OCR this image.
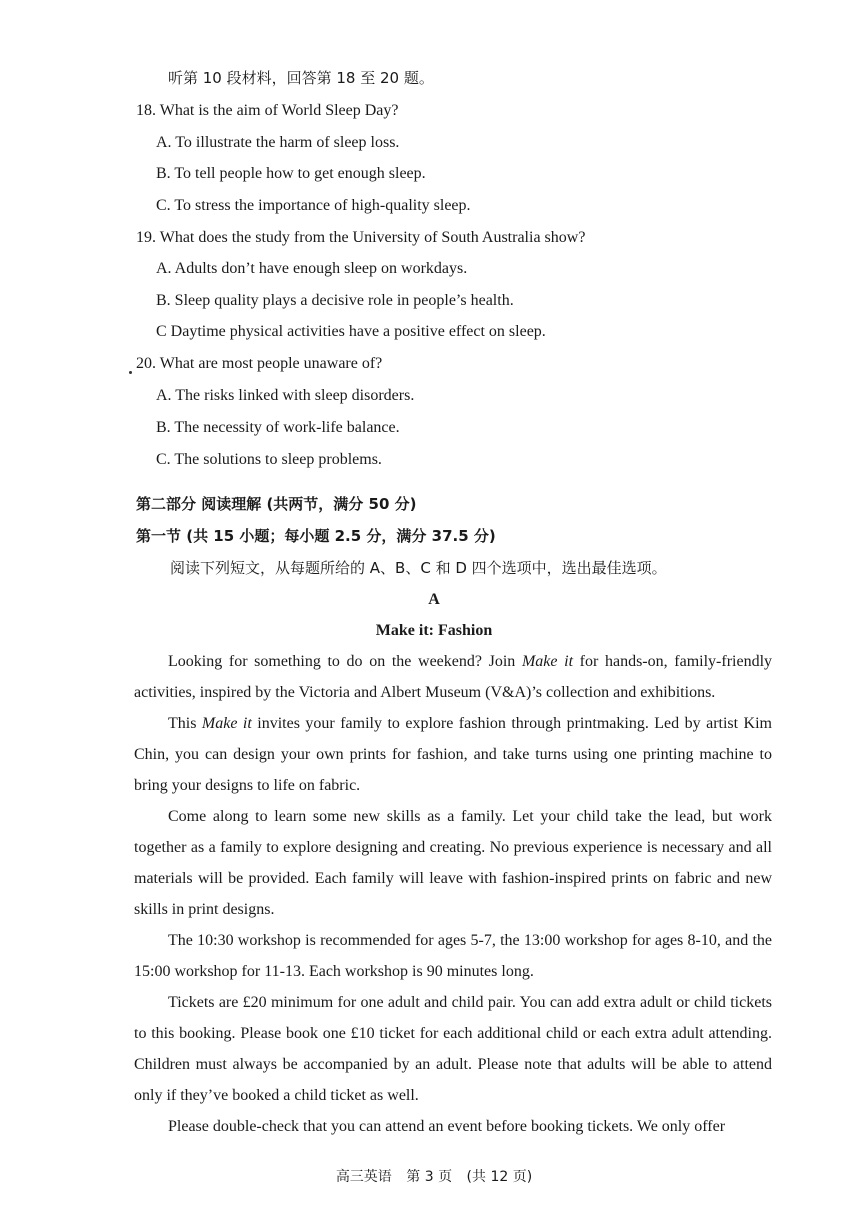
听第 10 段材料，回答第 18 至 20 题。
18. What is the aim of World Sleep Day?
A. To illustrate the harm of sleep loss.
B. To tell people how to get enough sleep.
C. To stress the importance of high-quality sleep.
19. What does the study from the University of South Australia show?
A. Adults don’t have enough sleep on workdays.
B. Sleep quality plays a decisive role in people’s health.
C Daytime physical activities have a positive effect on sleep.
20. What are most people unaware of?
A. The risks linked with sleep disorders.
B. The necessity of work-life balance.
C. The solutions to sleep problems.
第二部分 阅读理解 (共两节，满分 50 分)
第一节 (共 15 小题；每小题 2.5 分，满分 37.5 分)
阅读下列短文，从每题所给的 A、B、C 和 D 四个选项中，选出最佳选项。
A
Make it: Fashion
Looking for something to do on the weekend? Join Make it for hands-on, family-friendly activities, inspired by the Victoria and Albert Museum (V&A)’s collection and exhibitions.
This Make it invites your family to explore fashion through printmaking. Led by artist Kim Chin, you can design your own prints for fashion, and take turns using one printing machine to bring your designs to life on fabric.
Come along to learn some new skills as a family. Let your child take the lead, but work together as a family to explore designing and creating. No previous experience is necessary and all materials will be provided. Each family will leave with fashion-inspired prints on fabric and new skills in print designs.
The 10:30 workshop is recommended for ages 5-7, the 13:00 workshop for ages 8-10, and the 15:00 workshop for 11-13. Each workshop is 90 minutes long.
Tickets are £20 minimum for one adult and child pair. You can add extra adult or child tickets to this booking. Please book one £10 ticket for each additional child or each extra adult attending. Children must always be accompanied by an adult. Please note that adults will be able to attend only if they’ve booked a child ticket as well.
Please double-check that you can attend an event before booking tickets. We only offer
高三英语 第 3 页 (共 12 页)
